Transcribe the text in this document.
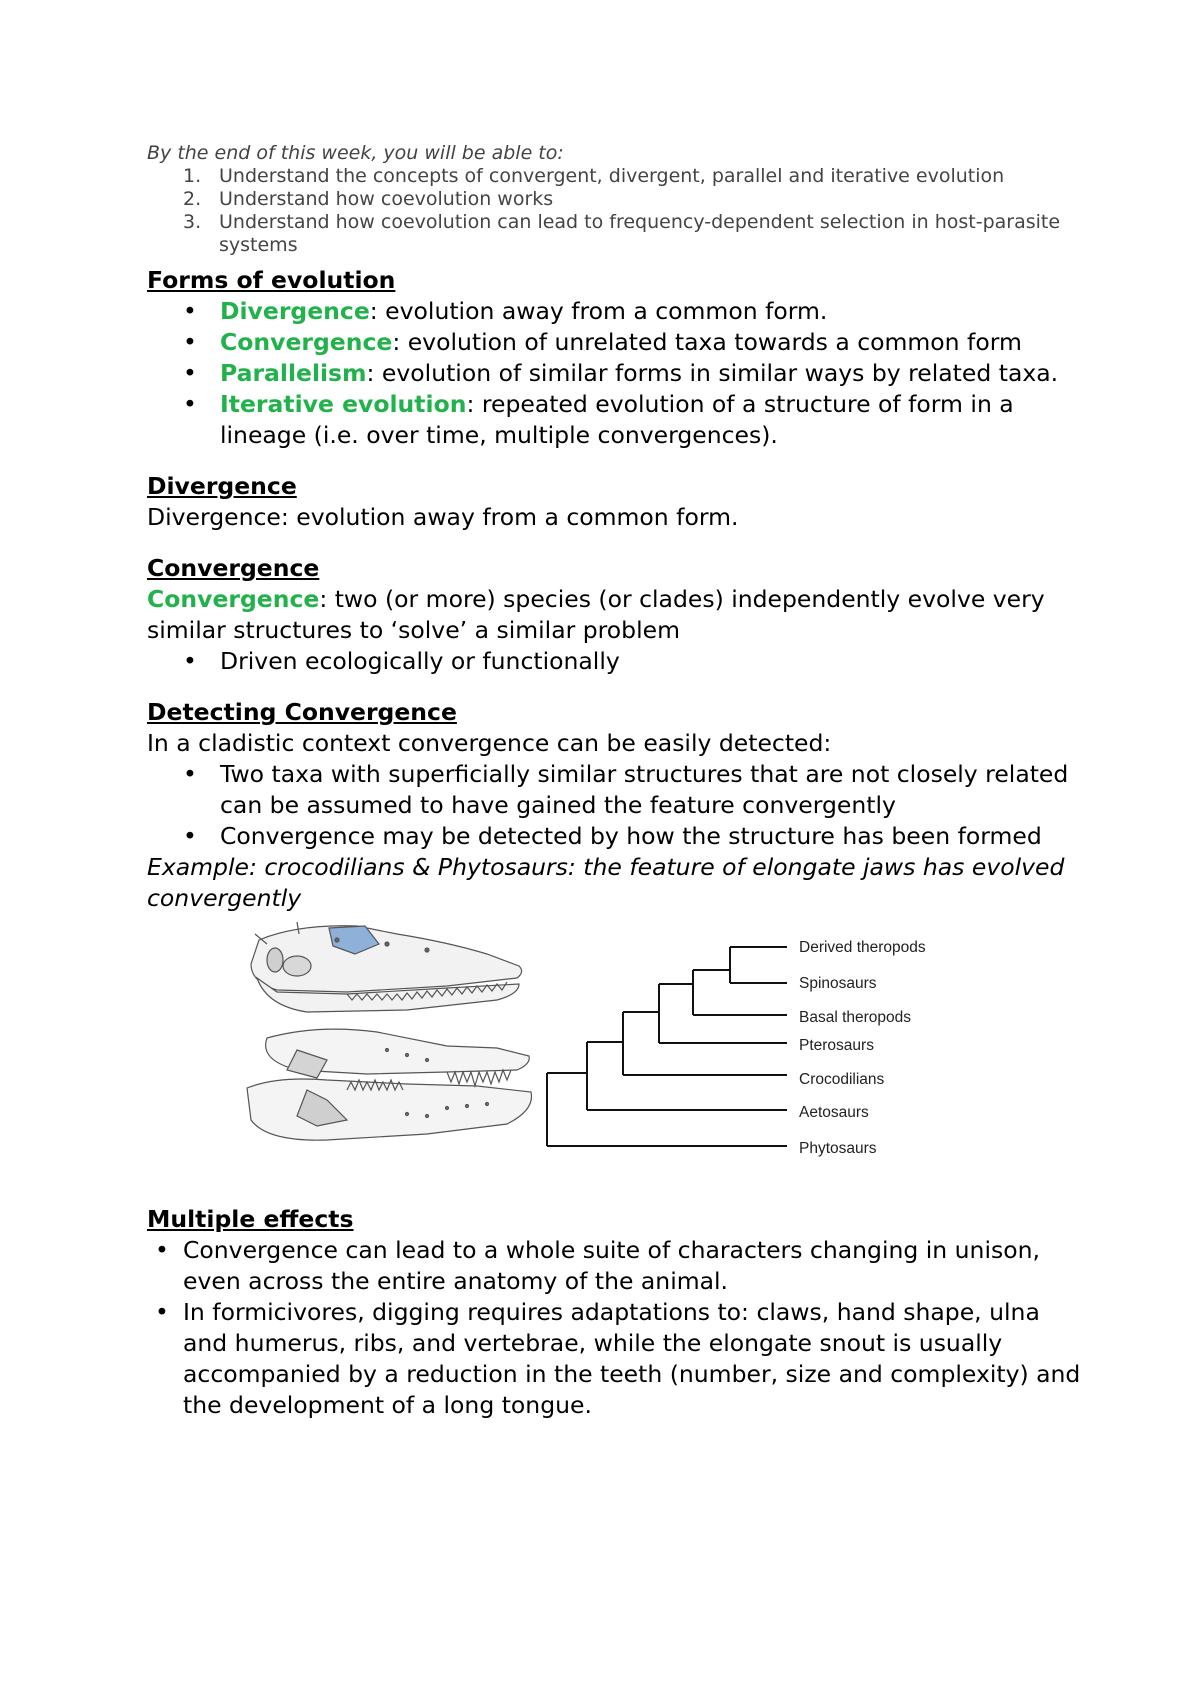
By the end of this week, you will be able to:
1. Understand the concepts of convergent, divergent, parallel and iterative evolution
2. Understand how coevolution works
3. Understand how coevolution can lead to frequency-dependent selection in host-parasite systems
Forms of evolution
• Divergence: evolution away from a common form.
• Convergence: evolution of unrelated taxa towards a common form
• Parallelism: evolution of similar forms in similar ways by related taxa.
• Iterative evolution: repeated evolution of a structure of form in a lineage (i.e. over time, multiple convergences).
Divergence
Divergence: evolution away from a common form.
Convergence
Convergence: two (or more) species (or clades) independently evolve very similar structures to ‘solve’ a similar problem
• Driven ecologically or functionally
Detecting Convergence
In a cladistic context convergence can be easily detected:
• Two taxa with superficially similar structures that are not closely related can be assumed to have gained the feature convergently
• Convergence may be detected by how the structure has been formed
Example: crocodilians & Phytosaurs: the feature of elongate jaws has evolved convergently
Derived theropods
Spinosaurs
Basal theropods
Pterosaurs
Crocodilians
Aetosaurs
Phytosaurs
Multiple effects
• Convergence can lead to a whole suite of characters changing in unison, even across the entire anatomy of the animal.
• In formicivores, digging requires adaptations to: claws, hand shape, ulna and humerus, ribs, and vertebrae, while the elongate snout is usually accompanied by a reduction in the teeth (number, size and complexity) and the development of a long tongue.
